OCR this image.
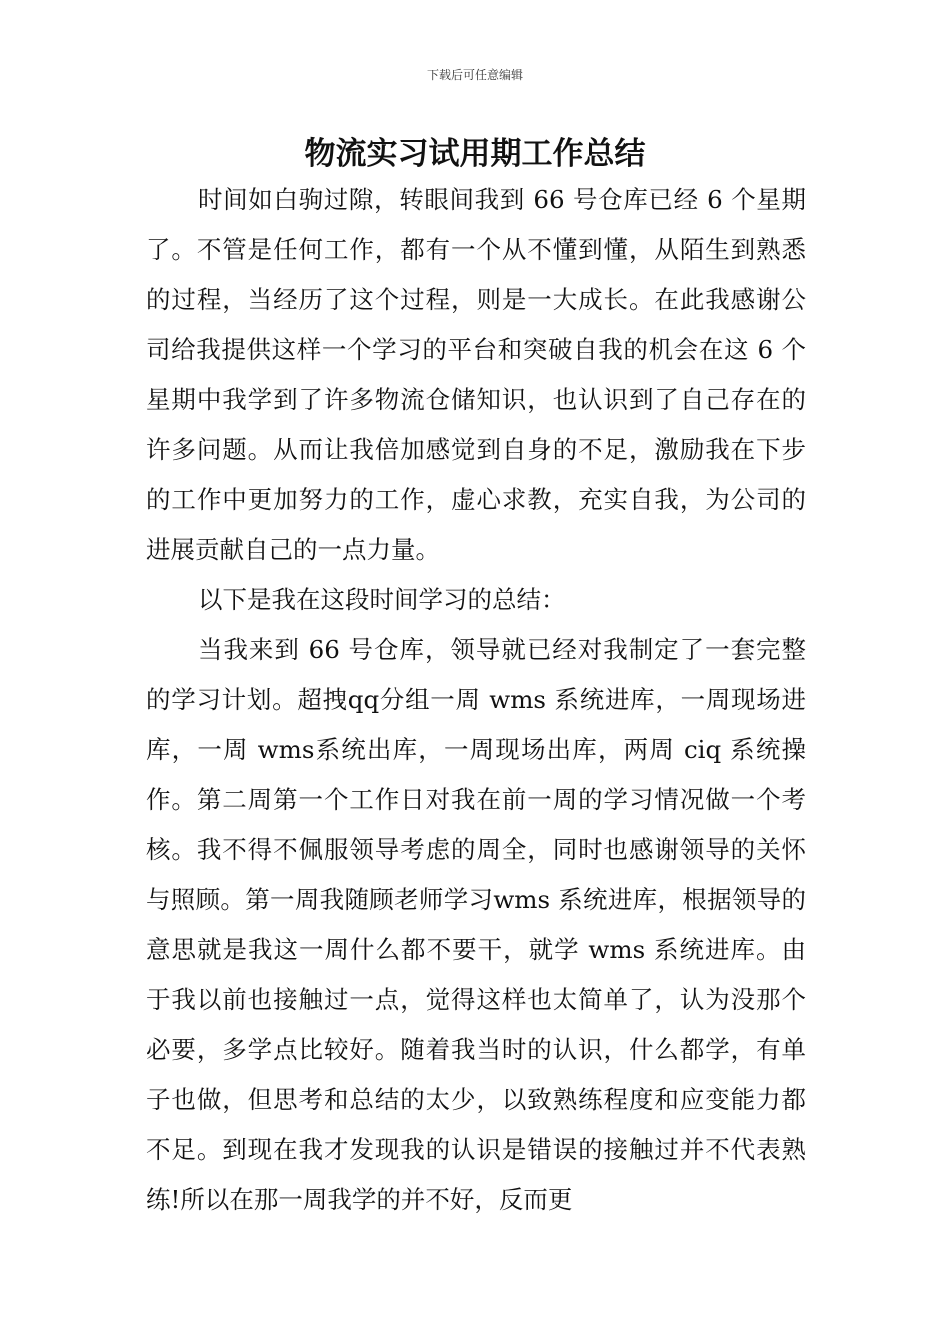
下载后可任意编辑
物流实习试用期工作总结

时间如白驹过隙，转眼间我到 66 号仓库已经 6 个星期了。不管是任何工作，都有一个从不懂到懂，从陌生到熟悉的过程，当经历了这个过程，则是一大成长。在此我感谢公司给我提供这样一个学习的平台和突破自我的机会在这 6 个星期中我学到了许多物流仓储知识，也认识到了自己存在的许多问题。从而让我倍加感觉到自身的不足，激励我在下步的工作中更加努力的工作，虚心求教，充实自我，为公司的进展贡献自己的一点力量。

以下是我在这段时间学习的总结：

当我来到 66 号仓库，领导就已经对我制定了一套完整的学习计划。超拽qq分组一周 wms 系统进库，一周现场进库，一周 wms系统出库，一周现场出库，两周 ciq 系统操作。第二周第一个工作日对我在前一周的学习情况做一个考核。我不得不佩服领导考虑的周全，同时也感谢领导的关怀与照顾。第一周我随顾老师学习wms 系统进库，根据领导的意思就是我这一周什么都不要干，就学 wms 系统进库。由于我以前也接触过一点，觉得这样也太简单了，认为没那个必要，多学点比较好。随着我当时的认识，什么都学，有单子也做，但思考和总结的太少，以致熟练程度和应变能力都不足。到现在我才发现我的认识是错误的接触过并不代表熟练!所以在那一周我学的并不好，反而更
